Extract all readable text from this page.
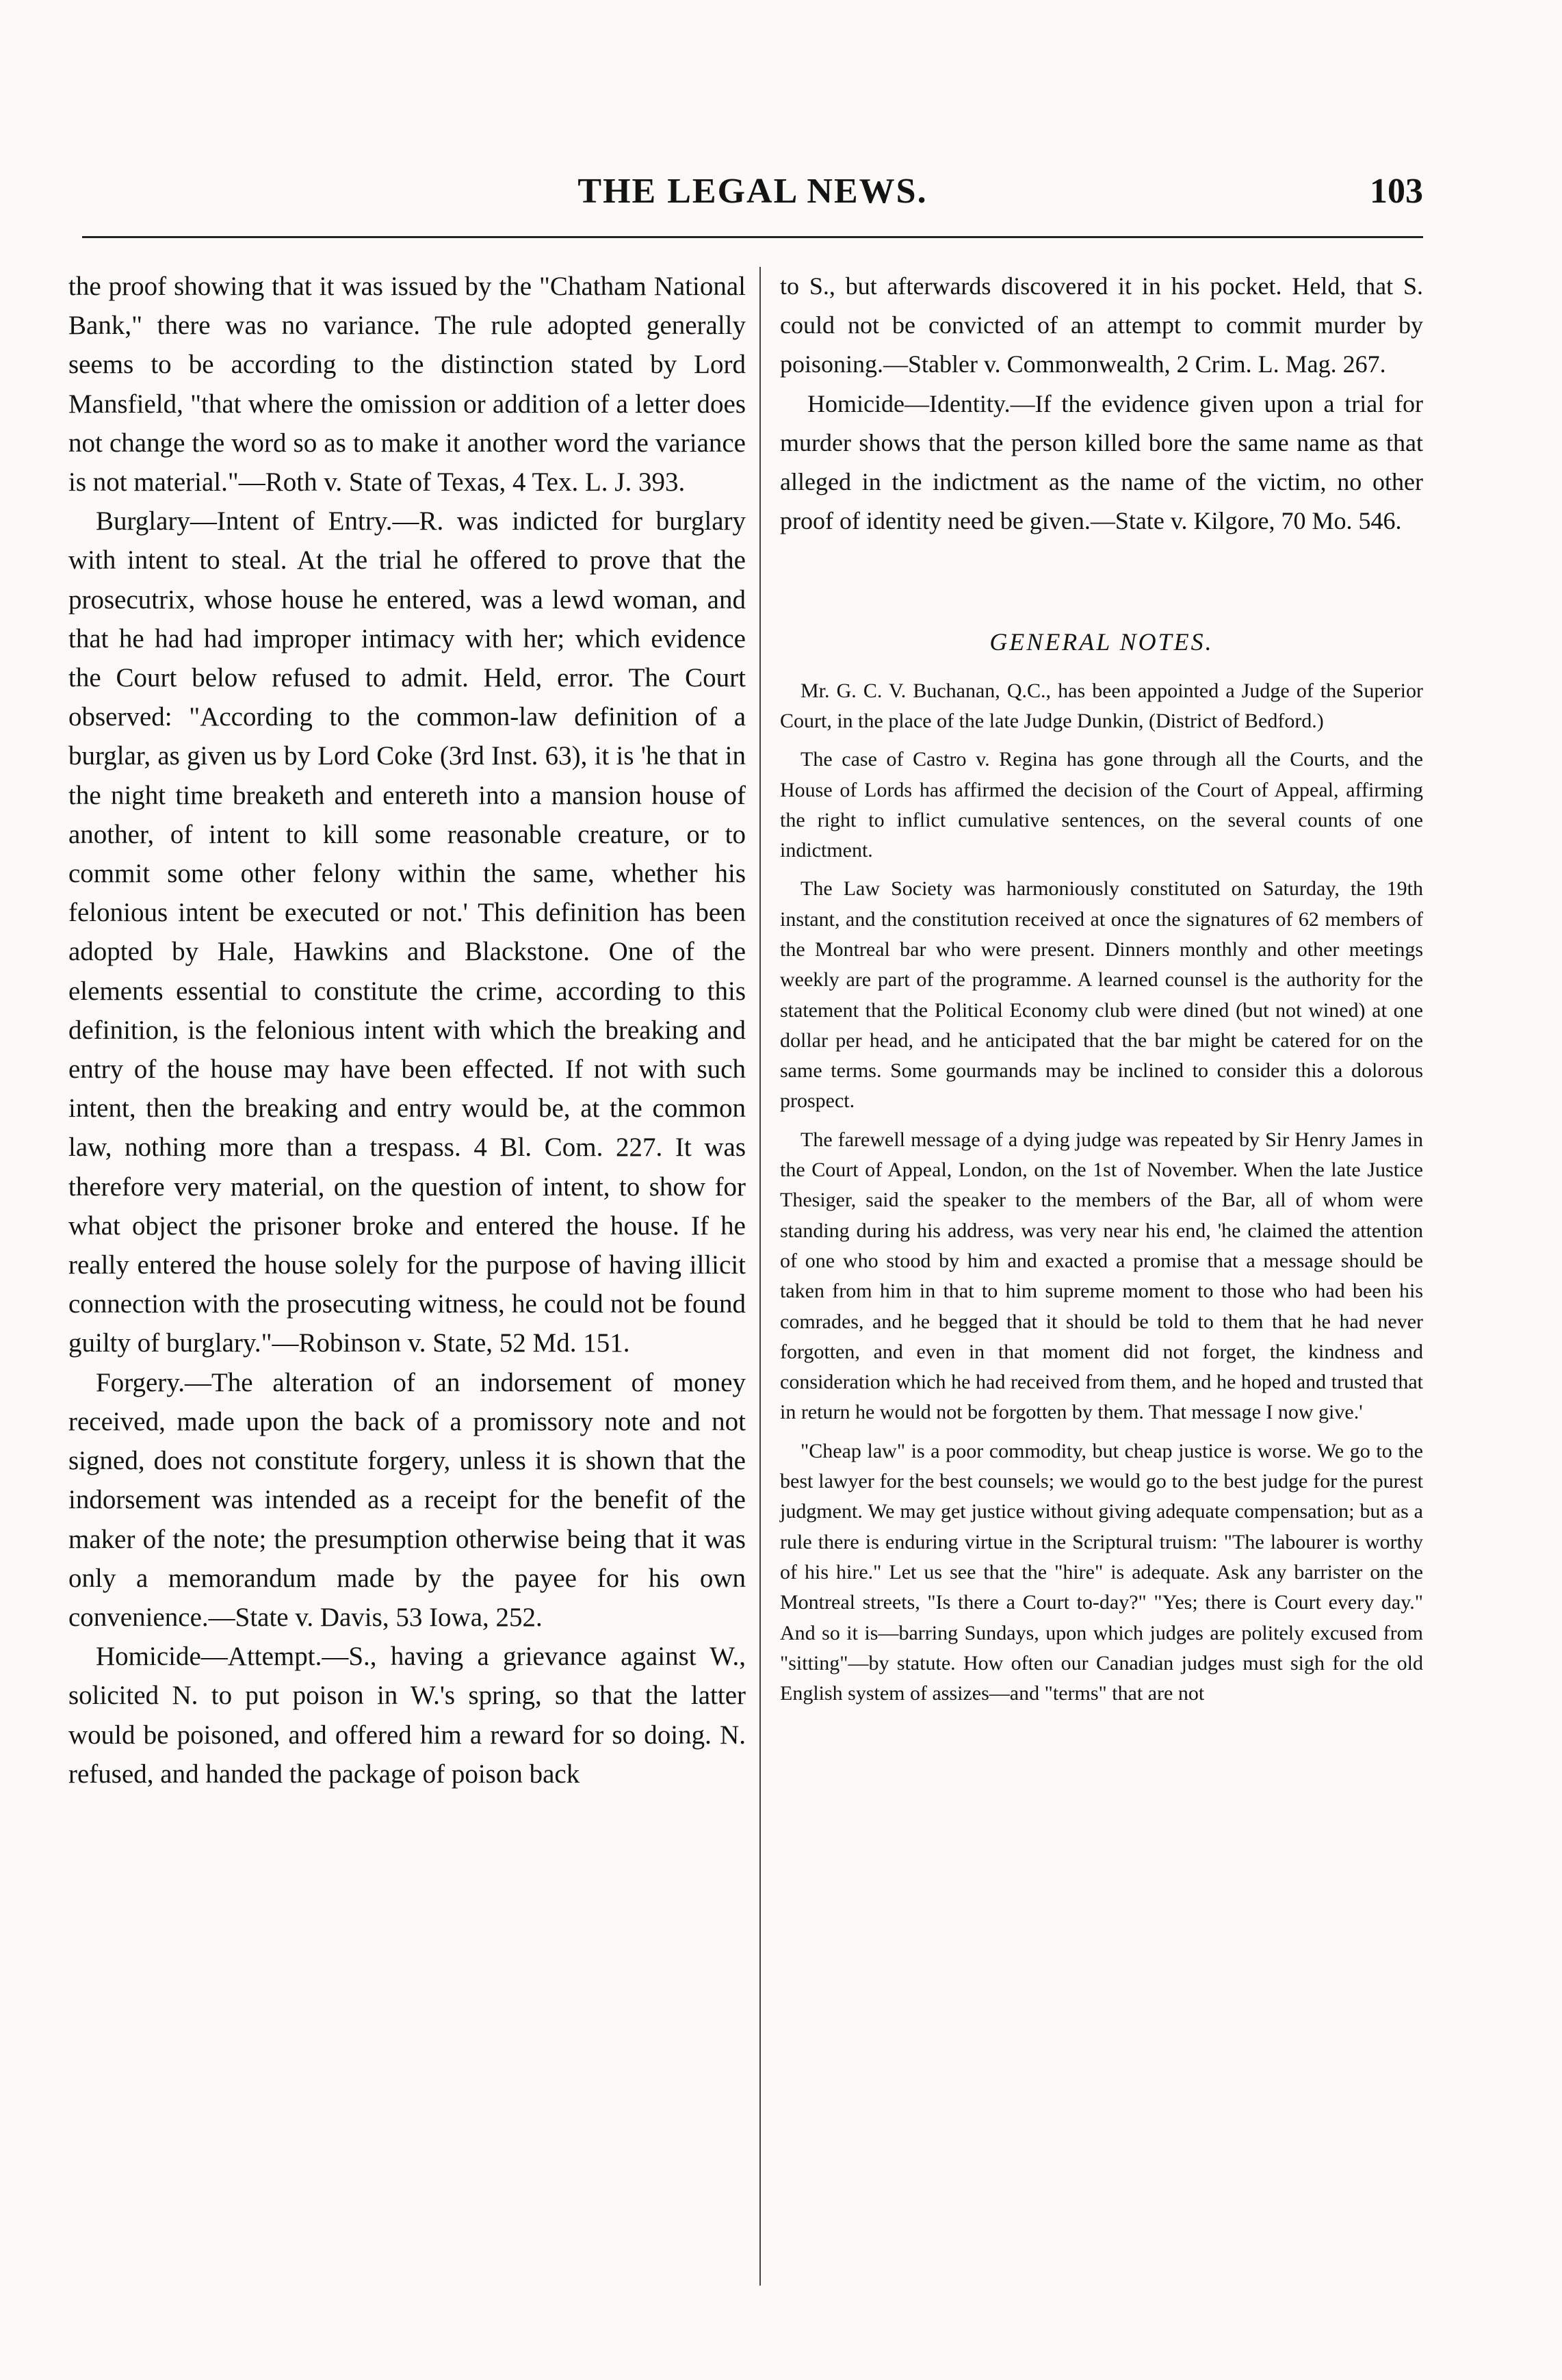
THE LEGAL NEWS.	103

the proof showing that it was issued by the "Chatham National Bank," there was no variance. The rule adopted generally seems to be according to the distinction stated by Lord Mansfield, "that where the omission or addition of a letter does not change the word so as to make it another word the variance is not material."—Roth v. State of Texas, 4 Tex. L. J. 393.

Burglary—Intent of Entry.—R. was indicted for burglary with intent to steal. At the trial he offered to prove that the prosecutrix, whose house he entered, was a lewd woman, and that he had had improper intimacy with her; which evidence the Court below refused to admit. Held, error. The Court observed: "According to the common-law definition of a burglar, as given us by Lord Coke (3rd Inst. 63), it is 'he that in the night time breaketh and entereth into a mansion house of another, of intent to kill some reasonable creature, or to commit some other felony within the same, whether his felonious intent be executed or not.' This definition has been adopted by Hale, Hawkins and Blackstone. One of the elements essential to constitute the crime, according to this definition, is the felonious intent with which the breaking and entry of the house may have been effected. If not with such intent, then the breaking and entry would be, at the common law, nothing more than a trespass. 4 Bl. Com. 227. It was therefore very material, on the question of intent, to show for what object the prisoner broke and entered the house. If he really entered the house solely for the purpose of having illicit connection with the prosecuting witness, he could not be found guilty of burglary."—Robinson v. State, 52 Md. 151.

Forgery.—The alteration of an indorsement of money received, made upon the back of a promissory note and not signed, does not constitute forgery, unless it is shown that the indorsement was intended as a receipt for the benefit of the maker of the note; the presumption otherwise being that it was only a memorandum made by the payee for his own convenience.—State v. Davis, 53 Iowa, 252.

Homicide—Attempt.—S., having a grievance against W., solicited N. to put poison in W.'s spring, so that the latter would be poisoned, and offered him a reward for so doing. N. refused, and handed the package of poison back

to S., but afterwards discovered it in his pocket. Held, that S. could not be convicted of an attempt to commit murder by poisoning.—Stabler v. Commonwealth, 2 Crim. L. Mag. 267.

Homicide—Identity.—If the evidence given upon a trial for murder shows that the person killed bore the same name as that alleged in the indictment as the name of the victim, no other proof of identity need be given.—State v. Kilgore, 70 Mo. 546.

GENERAL NOTES.

Mr. G. C. V. Buchanan, Q.C., has been appointed a Judge of the Superior Court, in the place of the late Judge Dunkin, (District of Bedford.)

The case of Castro v. Regina has gone through all the Courts, and the House of Lords has affirmed the decision of the Court of Appeal, affirming the right to inflict cumulative sentences, on the several counts of one indictment.

The Law Society was harmoniously constituted on Saturday, the 19th instant, and the constitution received at once the signatures of 62 members of the Montreal bar who were present. Dinners monthly and other meetings weekly are part of the programme. A learned counsel is the authority for the statement that the Political Economy club were dined (but not wined) at one dollar per head, and he anticipated that the bar might be catered for on the same terms. Some gourmands may be inclined to consider this a dolorous prospect.

The farewell message of a dying judge was repeated by Sir Henry James in the Court of Appeal, London, on the 1st of November. When the late Justice Thesiger, said the speaker to the members of the Bar, all of whom were standing during his address, was very near his end, 'he claimed the attention of one who stood by him and exacted a promise that a message should be taken from him in that to him supreme moment to those who had been his comrades, and he begged that it should be told to them that he had never forgotten, and even in that moment did not forget, the kindness and consideration which he had received from them, and he hoped and trusted that in return he would not be forgotten by them. That message I now give.'

"Cheap law" is a poor commodity, but cheap justice is worse. We go to the best lawyer for the best counsels; we would go to the best judge for the purest judgment. We may get justice without giving adequate compensation; but as a rule there is enduring virtue in the Scriptural truism: "The labourer is worthy of his hire." Let us see that the "hire" is adequate. Ask any barrister on the Montreal streets, "Is there a Court to-day?" "Yes; there is Court every day." And so it is—barring Sundays, upon which judges are politely excused from "sitting"—by statute. How often our Canadian judges must sigh for the old English system of assizes—and "terms" that are not
